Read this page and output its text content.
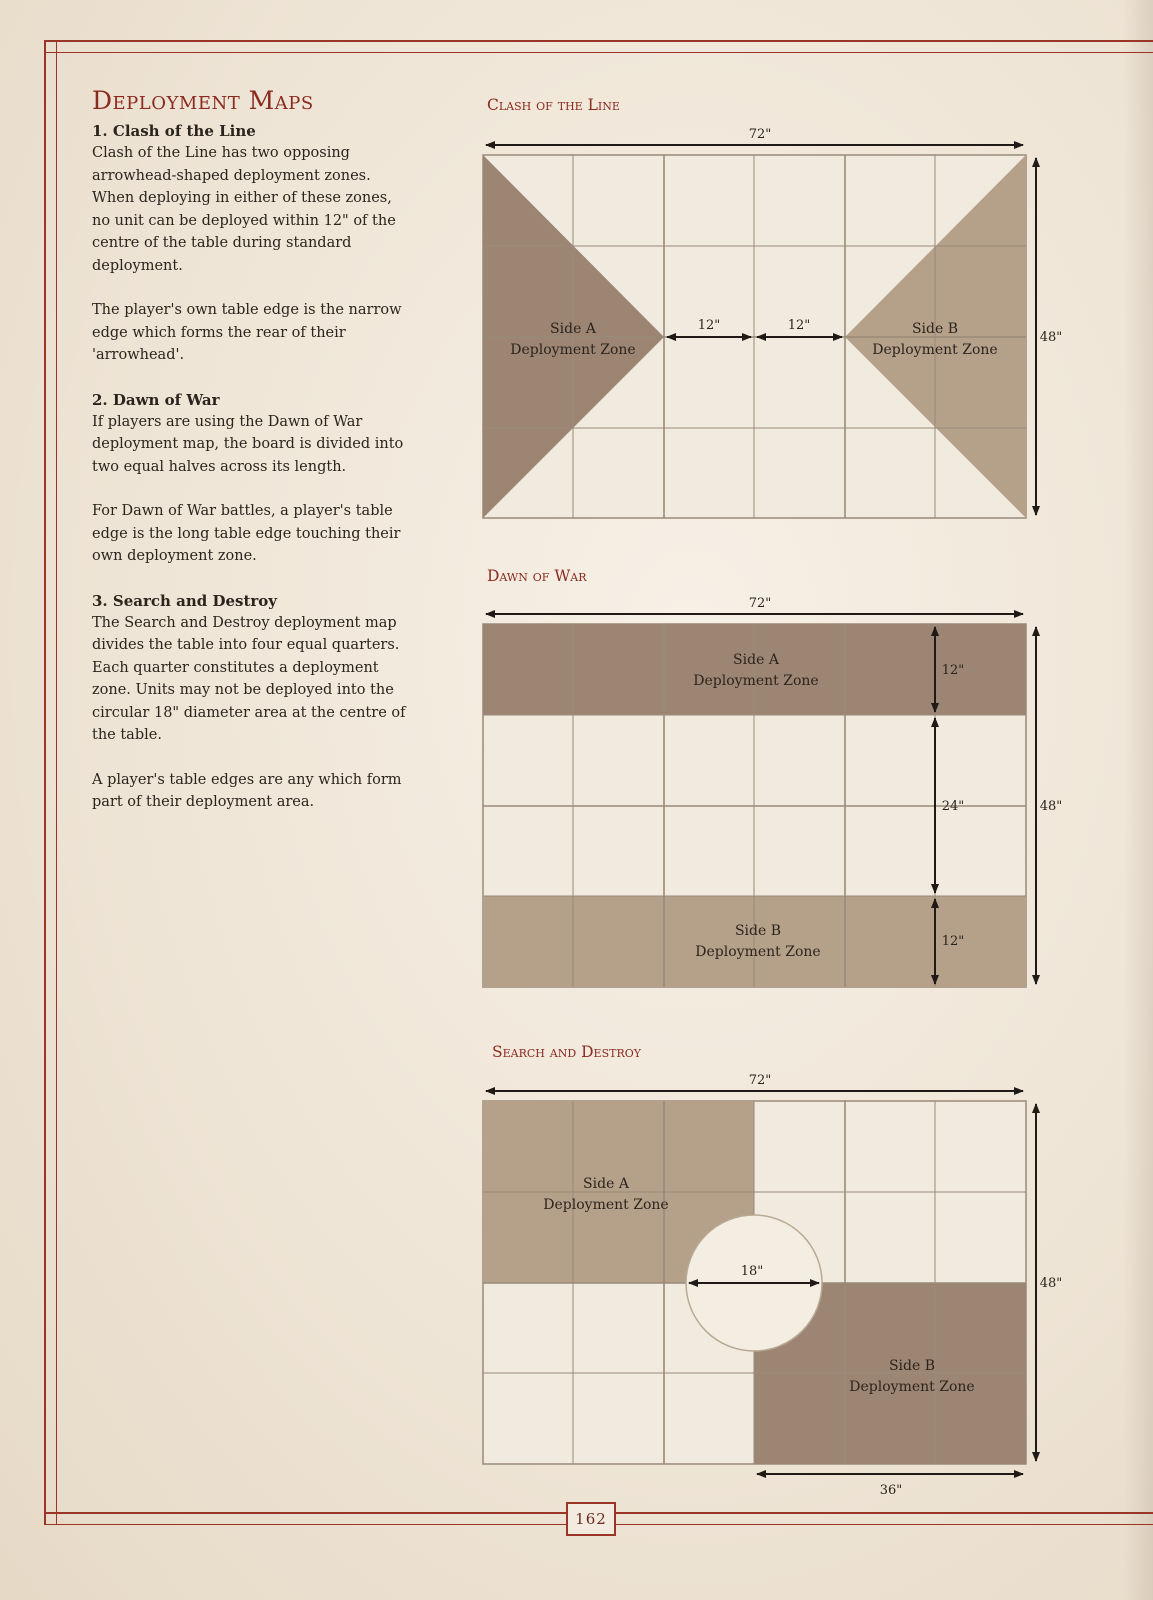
162
Deployment Maps
1. Clash of the Line

Clash of the Line has two opposing arrowhead-shaped deployment zones. When deploying in either of these zones, no unit can be deployed within 12" of the centre of the table during standard deployment.

The player's own table edge is the narrow edge which forms the rear of their 'arrowhead'.

2. Dawn of War

If players are using the Dawn of War deployment map, the board is divided into two equal halves across its length.

For Dawn of War battles, a player's table edge is the long table edge touching their own deployment zone.

3. Search and Destroy

The Search and Destroy deployment map divides the table into four equal quarters. Each quarter constitutes a deployment zone. Units may not be deployed into the circular 18" diameter area at the centre of the table.

A player's table edges are any which form part of their deployment area.

Clash of the Line
Dawn of War
Search and Destroy
72"
48"
12"	12"
Side A
Deployment Zone
Side B
Deployment Zone
72"
48"
12"
24"
12"
Side A
Deployment Zone
Side B
Deployment Zone
18"
72"
48"
36"
Side A
Deployment Zone
Side B
Deployment Zone
